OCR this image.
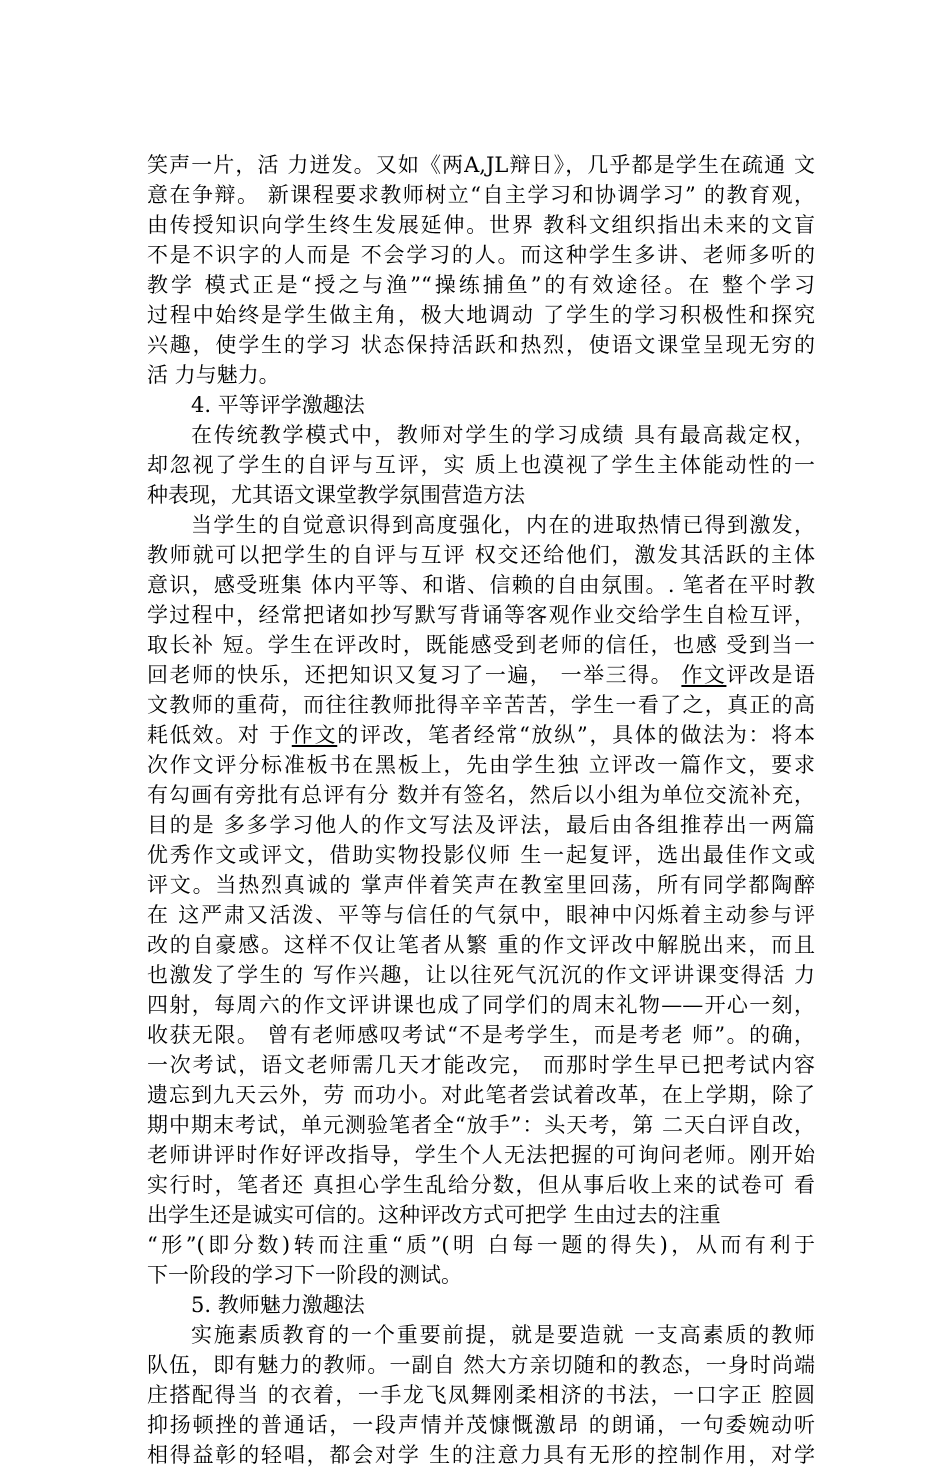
笑声一片，活 力迸发。又如《两A,JL辩日》，几乎都是学生在疏通 文
意在争辩。 新课程要求教师树立“自主学习和协调学习” 的教育观，
由传授知识向学生终生发展延伸。世界 教科文组织指出未来的文盲
不是不识字的人而是 不会学习的人。而这种学生多讲、老师多听的
教学 模式正是“授之与渔”“操练捕鱼”的有效途径。在 整个学习
过程中始终是学生做主角，极大地调动 了学生的学习积极性和探究
兴趣，使学生的学习 状态保持活跃和热烈，使语文课堂呈现无穷的
活 力与魅力。
4. 平等评学激趣法
在传统教学模式中，教师对学生的学习成绩 具有最高裁定权，
却忽视了学生的自评与互评，实 质上也漠视了学生主体能动性的一
种表现，尤其语文课堂教学氛围营造方法
当学生的自觉意识得到高度强化，内在的进取热情已得到激发，
教师就可以把学生的自评与互评 权交还给他们，激发其活跃的主体
意识，感受班集 体内平等、和谐、信赖的自由氛围。. 笔者在平时教
学过程中，经常把诸如抄写默写背诵等客观作业交给学生自检互评，
取长补 短。学生在评改时，既能感受到老师的信任，也感 受到当一
回老师的快乐，还把知识又复习了一遍， 一举三得。 作文评改是语
文教师的重荷，而往往教师批得辛辛苦苦，学生一看了之，真正的高
耗低效。对 于作文的评改，笔者经常“放纵”，具体的做法为：将本
次作文评分标准板书在黑板上，先由学生独 立评改一篇作文，要求
有勾画有旁批有总评有分 数并有签名，然后以小组为单位交流补充，
目的是 多多学习他人的作文写法及评法，最后由各组推荐出一两篇
优秀作文或评文，借助实物投影仪师 生一起复评，选出最佳作文或
评文。当热烈真诚的 掌声伴着笑声在教室里回荡，所有同学都陶醉
在 这严肃又活泼、平等与信任的气氛中，眼神中闪烁着主动参与评
改的自豪感。这样不仅让笔者从繁 重的作文评改中解脱出来，而且
也激发了学生的 写作兴趣，让以往死气沉沉的作文评讲课变得活 力
四射，每周六的作文评讲课也成了同学们的周末礼物——开心一刻，
收获无限。 曾有老师感叹考试“不是考学生，而是考老 师”。的确，
一次考试，语文老师需几天才能改完， 而那时学生早已把考试内容
遗忘到九天云外，劳 而功小。对此笔者尝试着改革，在上学期，除了
期中期末考试，单元测验笔者全“放手”：头天考，第 二天白评自改，
老师讲评时作好评改指导，学生个人无法把握的可询问老师。刚开始
实行时，笔者还 真担心学生乱给分数，但从事后收上来的试卷可 看
出学生还是诚实可信的。这种评改方式可把学 生由过去的注重
“形”(即分数)转而注重“质”(明 白每一题的得失)，从而有利于
下一阶段的学习下一阶段的测试。
5. 教师魅力激趣法
实施素质教育的一个重要前提，就是要造就 一支高素质的教师
队伍，即有魅力的教师。一副自 然大方亲切随和的教态，一身时尚端
庄搭配得当 的衣着，一手龙飞凤舞刚柔相济的书法，一口字正 腔圆
抑扬顿挫的普通话，一段声情并茂慷慨激昂 的朗诵，一句委婉动听
相得益彰的轻唱，都会对学 生的注意力具有无形的控制作用，对学
